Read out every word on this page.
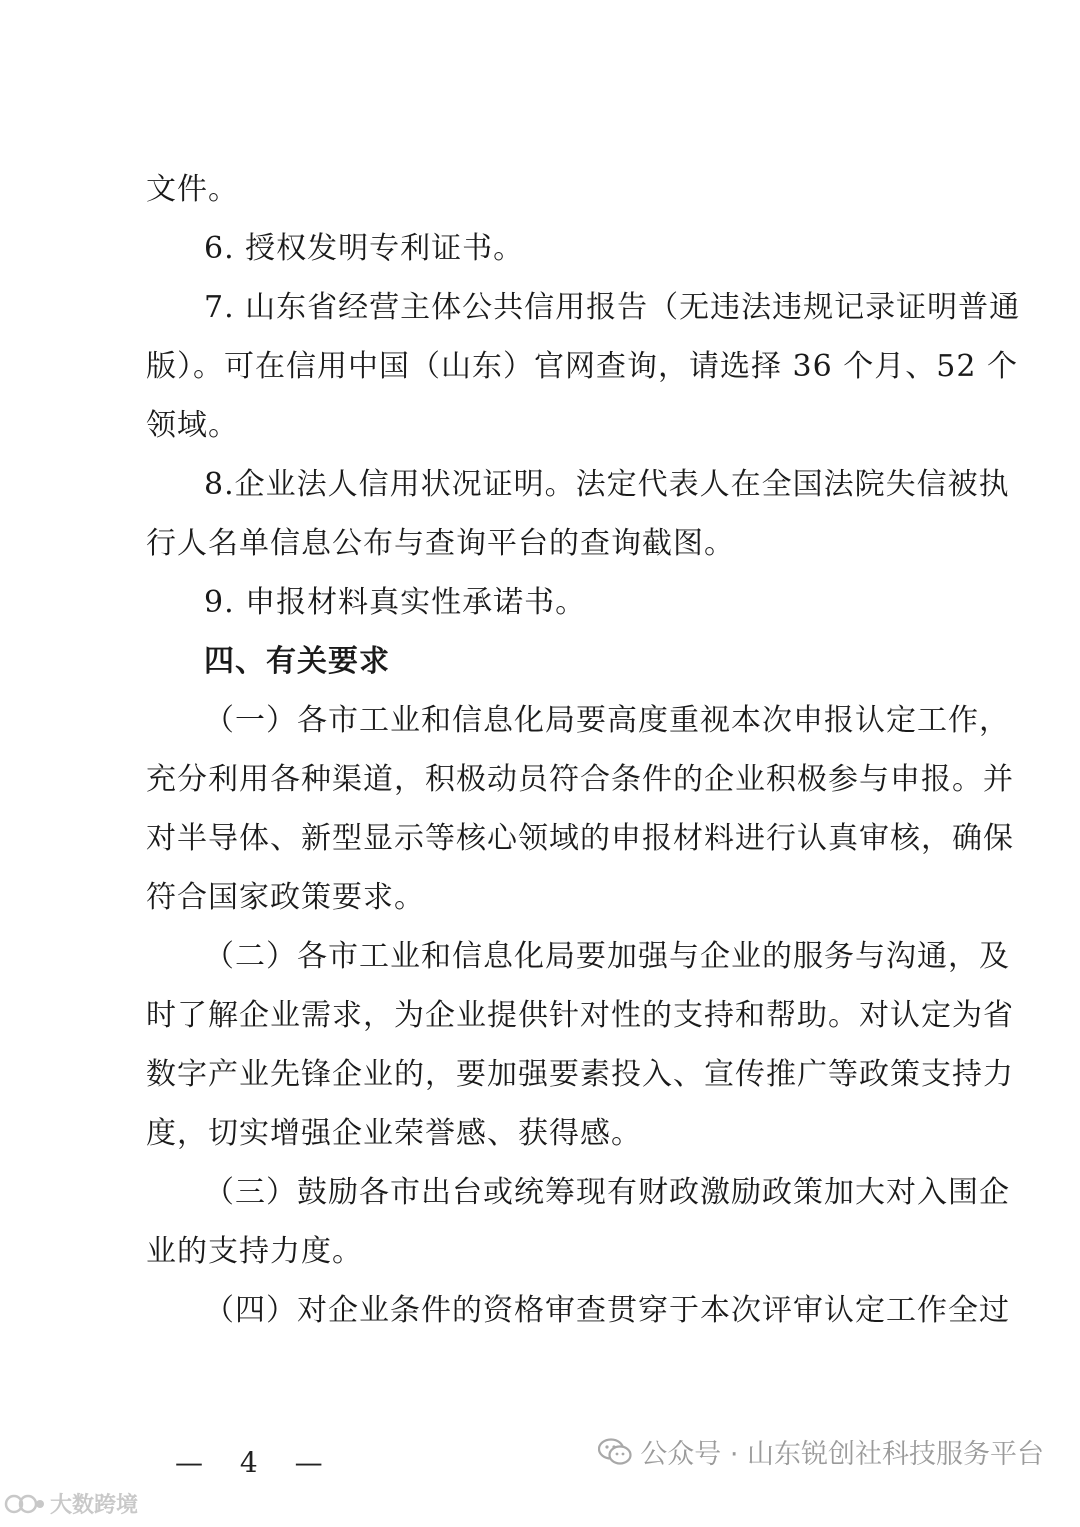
文件。
6. 授权发明专利证书。
7. 山东省经营主体公共信用报告（无违法违规记录证明普通
版）。可在信用中国（山东）官网查询，请选择 36 个月、52 个
领域。
8.企业法人信用状况证明。法定代表人在全国法院失信被执
行人名单信息公布与查询平台的查询截图。
9. 申报材料真实性承诺书。
四、有关要求
（一）各市工业和信息化局要高度重视本次申报认定工作，
充分利用各种渠道，积极动员符合条件的企业积极参与申报。并
对半导体、新型显示等核心领域的申报材料进行认真审核，确保
符合国家政策要求。
（二）各市工业和信息化局要加强与企业的服务与沟通，及
时了解企业需求，为企业提供针对性的支持和帮助。对认定为省
数字产业先锋企业的，要加强要素投入、宣传推广等政策支持力
度，切实增强企业荣誉感、获得感。
（三）鼓励各市出台或统筹现有财政激励政策加大对入围企
业的支持力度。
（四）对企业条件的资格审查贯穿于本次评审认定工作全过
— 4 —	公众号 · 山东锐创社科技服务平台
大数跨境
